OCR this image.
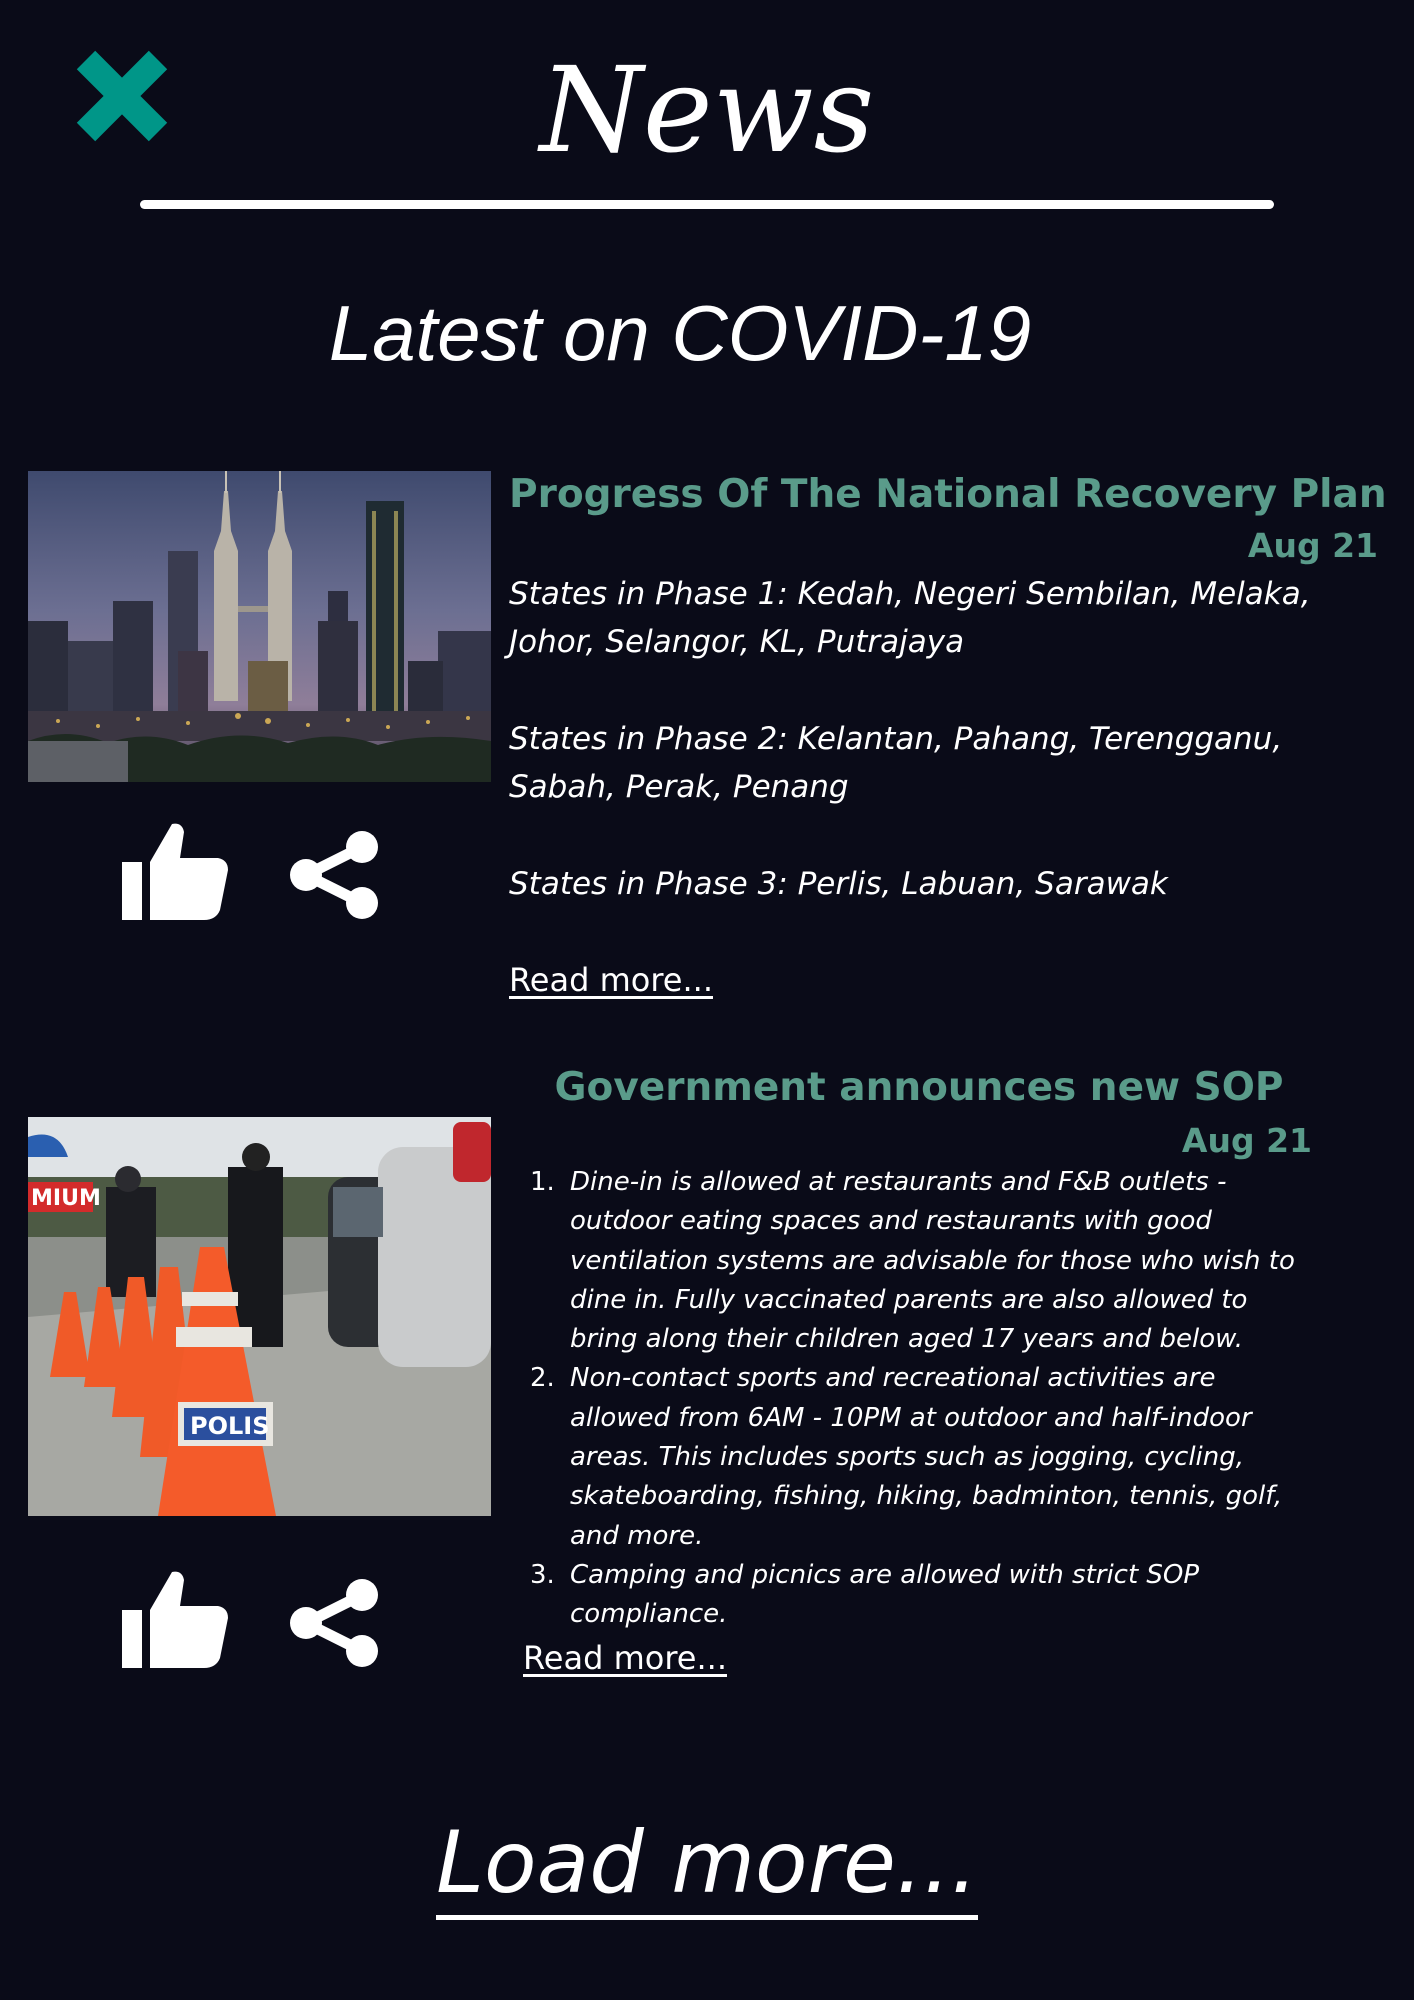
News
Latest on COVID-19
Progress Of The National Recovery Plan
Aug 21

States in Phase 1: Kedah, Negeri Sembilan, Melaka, Johor, Selangor, KL, Putrajaya

States in Phase 2: Kelantan, Pahang, Terengganu, Sabah, Perak, Penang

States in Phase 3: Perlis, Labuan, Sarawak

Read more...
MIUM
POLIS
Government announces new SOP
Aug 21
1. Dine-in is allowed at restaurants and F&B outlets - outdoor eating spaces and restaurants with good ventilation systems are advisable for those who wish to dine in. Fully vaccinated parents are also allowed to bring along their children aged 17 years and below.
2. Non-contact sports and recreational activities are allowed from 6AM - 10PM at outdoor and half-indoor areas. This includes sports such as jogging, cycling, skateboarding, fishing, hiking, badminton, tennis, golf, and more.
3. Camping and picnics are allowed with strict SOP compliance.
Read more...
Load more...
